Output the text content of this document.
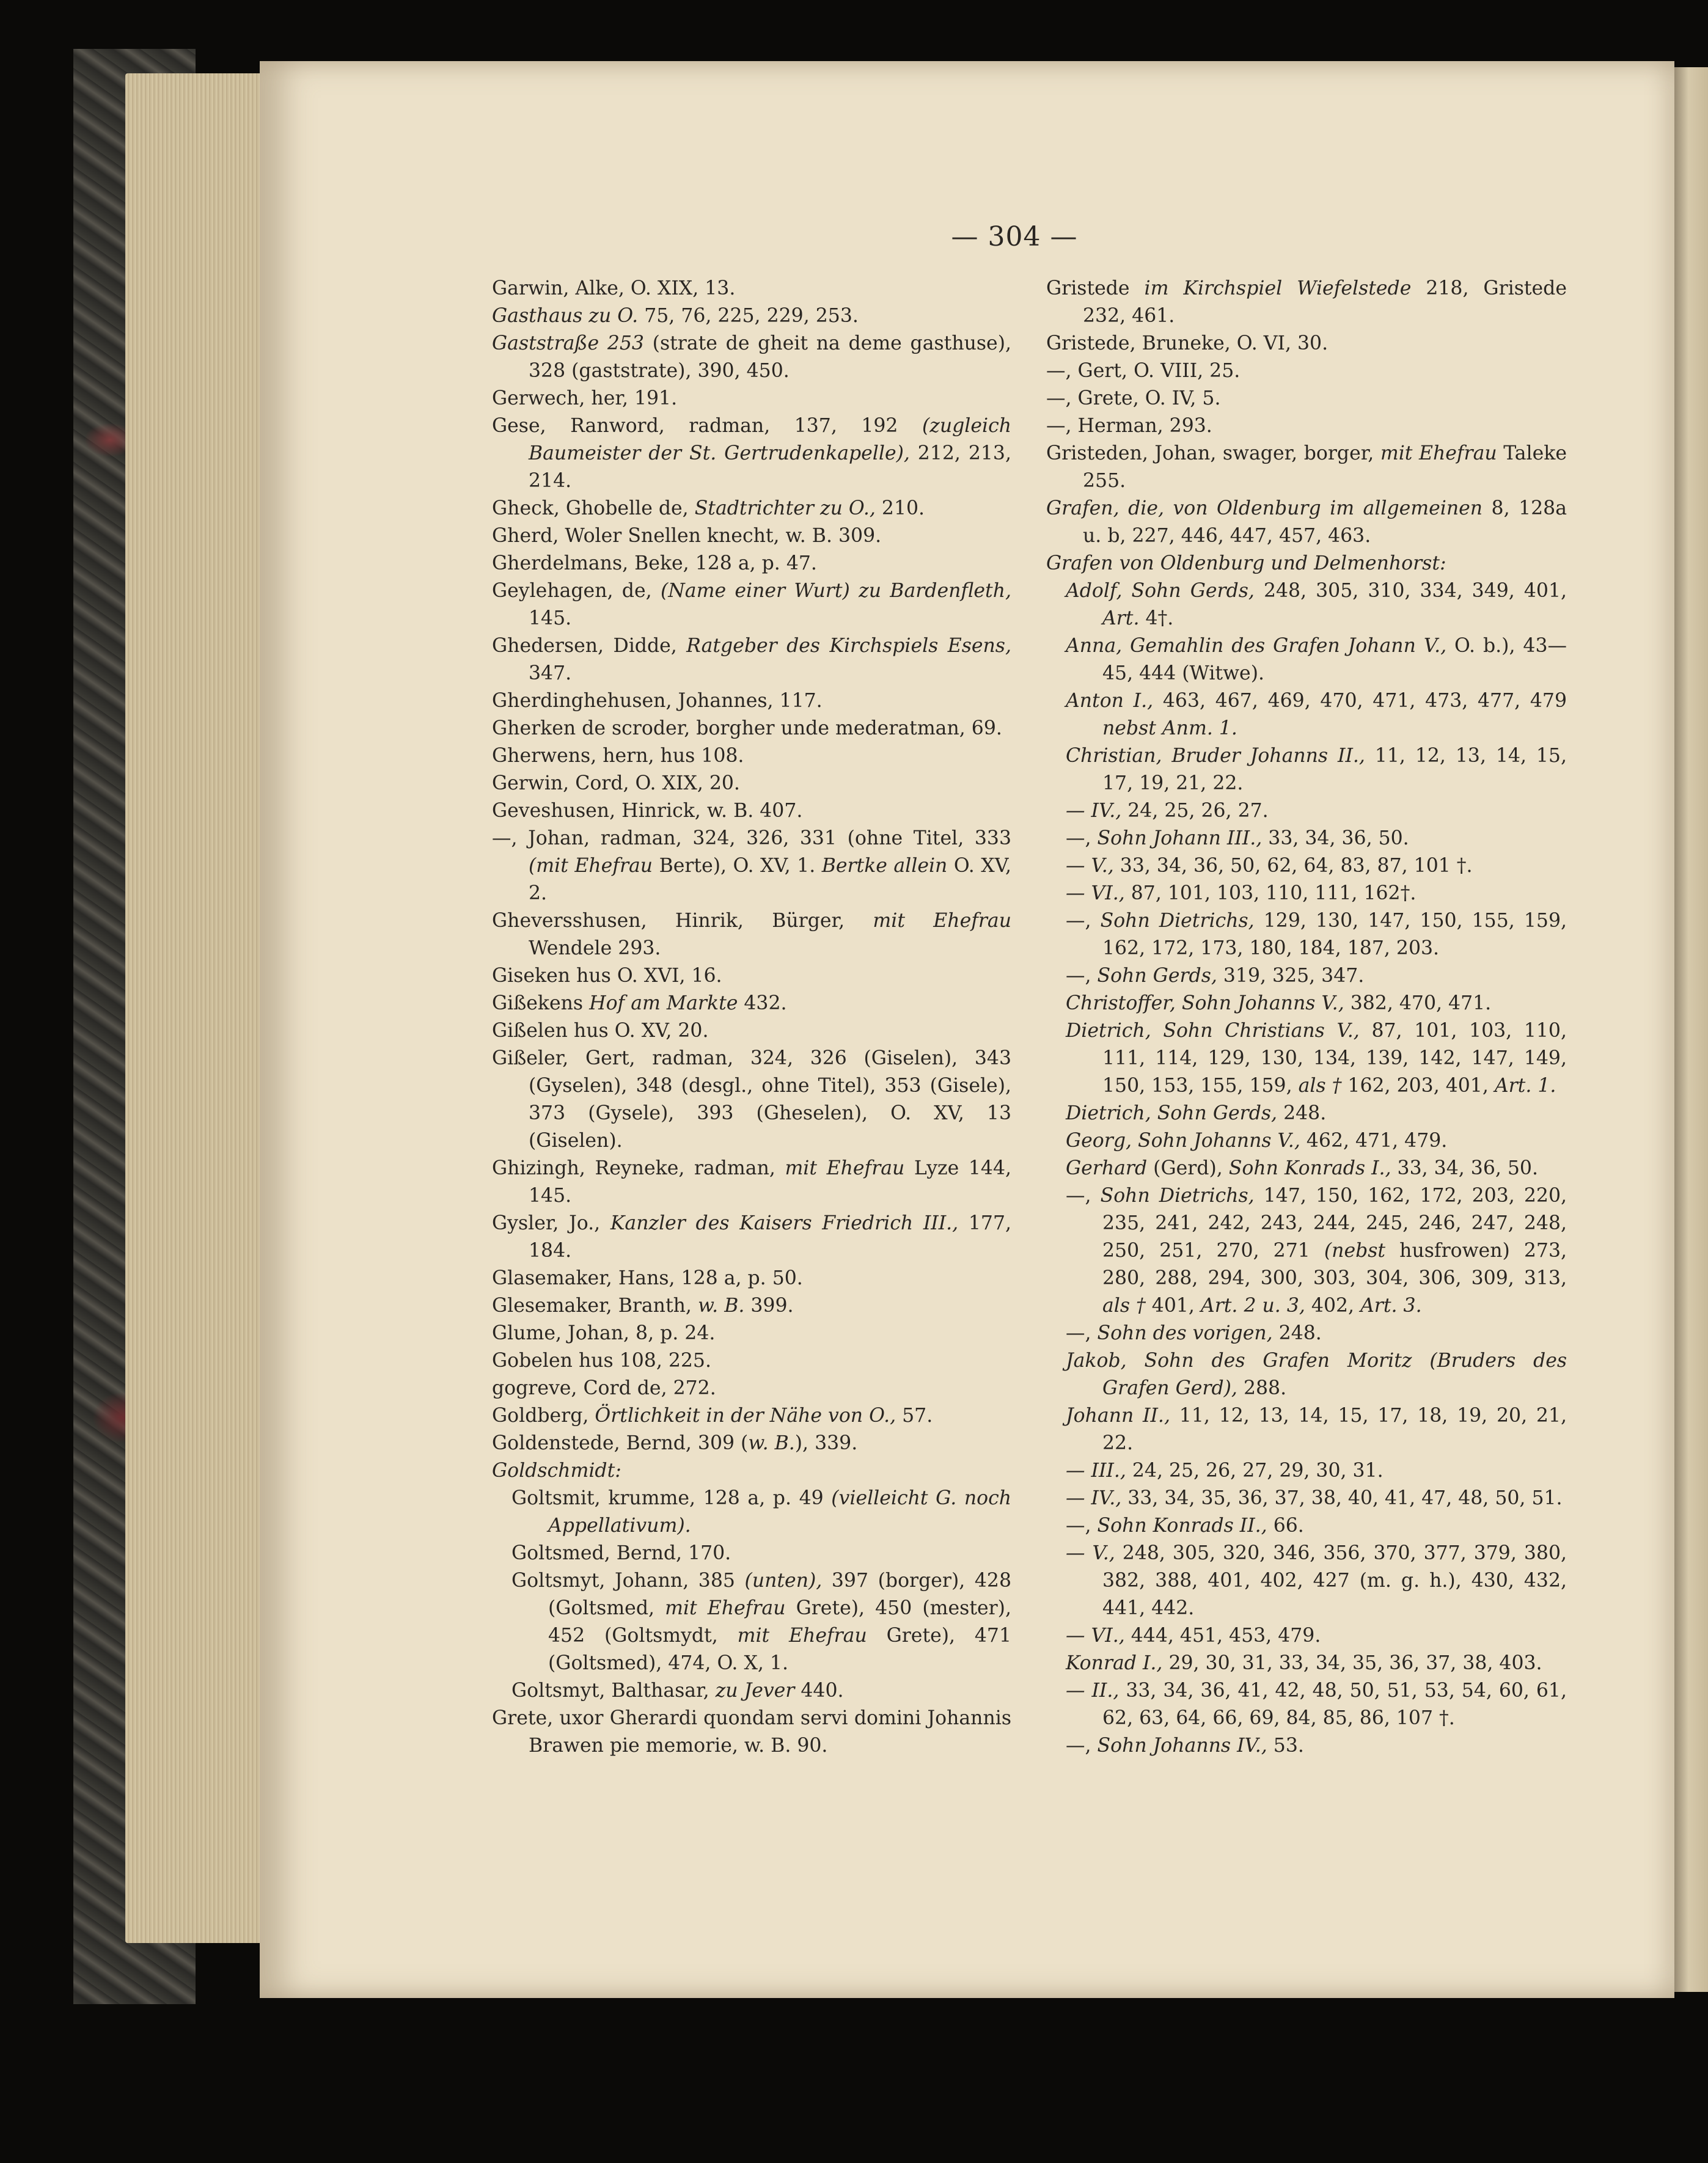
— 304 —

Garwin, Alke, O. XIX, 13.

Gasthaus zu O. 75, 76, 225, 229, 253.

Gaststraße 253 (strate de gheit na deme gasthuse), 328 (gaststrate), 390, 450.

Gerwech, her, 191.

Gese, Ranword, radman, 137, 192 (zugleich Baumeister der St. Gertrudenkapelle), 212, 213, 214.

Gheck, Ghobelle de, Stadtrichter zu O., 210.

Gherd, Woler Snellen knecht, w. B. 309.

Gherdelmans, Beke, 128 a, p. 47.

Geylehagen, de, (Name einer Wurt) zu Bardenfleth, 145.

Ghedersen, Didde, Ratgeber des Kirchspiels Esens, 347.

Gherdinghehusen, Johannes, 117.

Gherken de scroder, borgher unde mederatman, 69.

Gherwens, hern, hus 108.

Gerwin, Cord, O. XIX, 20.

Geveshusen, Hinrick, w. B. 407.

—, Johan, radman, 324, 326, 331 (ohne Titel, 333 (mit Ehefrau Berte), O. XV, 1. Bertke allein O. XV, 2.

Gheversshusen, Hinrik, Bürger, mit Ehefrau Wendele 293.

Giseken hus O. XVI, 16.

Gißekens Hof am Markte 432.

Gißelen hus O. XV, 20.

Gißeler, Gert, radman, 324, 326 (Giselen), 343 (Gyselen), 348 (desgl., ohne Titel), 353 (Gisele), 373 (Gysele), 393 (Gheselen), O. XV, 13 (Giselen).

Ghizingh, Reyneke, radman, mit Ehefrau Lyze 144, 145.

Gysler, Jo., Kanzler des Kaisers Friedrich III., 177, 184.

Glasemaker, Hans, 128 a, p. 50.

Glesemaker, Branth, w. B. 399.

Glume, Johan, 8, p. 24.

Gobelen hus 108, 225.

gogreve, Cord de, 272.

Goldberg, Örtlichkeit in der Nähe von O., 57.

Goldenstede, Bernd, 309 (w. B.), 339.

Goldschmidt:

Goltsmit, krumme, 128 a, p. 49 (vielleicht G. noch Appellativum).

Goltsmed, Bernd, 170.

Goltsmyt, Johann, 385 (unten), 397 (borger), 428 (Goltsmed, mit Ehefrau Grete), 450 (mester), 452 (Goltsmydt, mit Ehefrau Grete), 471 (Goltsmed), 474, O. X, 1.

Goltsmyt, Balthasar, zu Jever 440.

Grete, uxor Gherardi quondam servi domini Johannis Brawen pie memorie, w. B. 90.

Gristede im Kirchspiel Wiefelstede 218, Gristede 232, 461.

Gristede, Bruneke, O. VI, 30.

—, Gert, O. VIII, 25.

—, Grete, O. IV, 5.

—, Herman, 293.

Gristeden, Johan, swager, borger, mit Ehefrau Taleke 255.

Grafen, die, von Oldenburg im allgemeinen 8, 128a u. b, 227, 446, 447, 457, 463.

Grafen von Oldenburg und Delmenhorst:

Adolf, Sohn Gerds, 248, 305, 310, 334, 349, 401, Art. 4†.

Anna, Gemahlin des Grafen Johann V., O. b.), 43—45, 444 (Witwe).

Anton I., 463, 467, 469, 470, 471, 473, 477, 479 nebst Anm. 1.

Christian, Bruder Johanns II., 11, 12, 13, 14, 15, 17, 19, 21, 22.

— IV., 24, 25, 26, 27.

—, Sohn Johann III., 33, 34, 36, 50.

— V., 33, 34, 36, 50, 62, 64, 83, 87, 101 †.

— VI., 87, 101, 103, 110, 111, 162†.

—, Sohn Dietrichs, 129, 130, 147, 150, 155, 159, 162, 172, 173, 180, 184, 187, 203.

—, Sohn Gerds, 319, 325, 347.

Christoffer, Sohn Johanns V., 382, 470, 471.

Dietrich, Sohn Christians V., 87, 101, 103, 110, 111, 114, 129, 130, 134, 139, 142, 147, 149, 150, 153, 155, 159, als † 162, 203, 401, Art. 1.

Dietrich, Sohn Gerds, 248.

Georg, Sohn Johanns V., 462, 471, 479.

Gerhard (Gerd), Sohn Konrads I., 33, 34, 36, 50.

—, Sohn Dietrichs, 147, 150, 162, 172, 203, 220, 235, 241, 242, 243, 244, 245, 246, 247, 248, 250, 251, 270, 271 (nebst husfrowen) 273, 280, 288, 294, 300, 303, 304, 306, 309, 313, als † 401, Art. 2 u. 3, 402, Art. 3.

—, Sohn des vorigen, 248.

Jakob, Sohn des Grafen Moritz (Bruders des Grafen Gerd), 288.

Johann II., 11, 12, 13, 14, 15, 17, 18, 19, 20, 21, 22.

— III., 24, 25, 26, 27, 29, 30, 31.

— IV., 33, 34, 35, 36, 37, 38, 40, 41, 47, 48, 50, 51.

—, Sohn Konrads II., 66.

— V., 248, 305, 320, 346, 356, 370, 377, 379, 380, 382, 388, 401, 402, 427 (m. g. h.), 430, 432, 441, 442.

— VI., 444, 451, 453, 479.

Konrad I., 29, 30, 31, 33, 34, 35, 36, 37, 38, 403.

— II., 33, 34, 36, 41, 42, 48, 50, 51, 53, 54, 60, 61, 62, 63, 64, 66, 69, 84, 85, 86, 107 †.

—, Sohn Johanns IV., 53.
